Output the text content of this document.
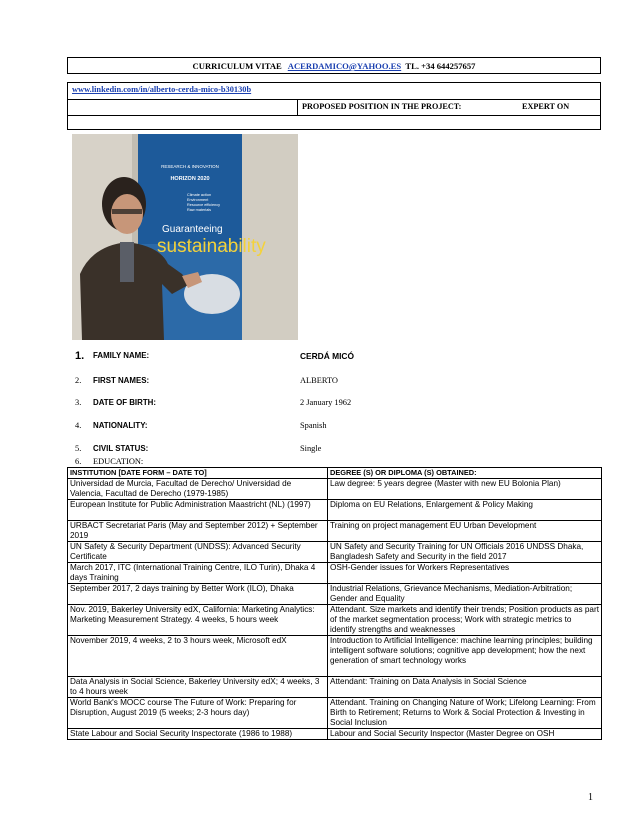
CURRICULUM VITAE ACERDAMICO@YAHOO.ES TL. +34 644257657
www.linkedin.com/in/alberto-cerda-mico-b30130b
PROPOSED POSITION IN THE PROJECT:	EXPERT ON
RESEARCH & INNOVATION
HORIZON 2020
Climate action
Environment
Resource efficiency
Raw materials
Guaranteeing
sustainability
1. FAMILY NAME:	CERDÁ MICÓ
2. FIRST NAMES:	ALBERTO
3. DATE OF BIRTH:	2 January 1962
4. NATIONALITY:	Spanish
5. CIVIL STATUS:	Single
6. EDUCATION:
INSTITUTION [DATE FORM – DATE TO]	DEGREE (S) OR DIPLOMA (S) OBTAINED:
Universidad de Murcia, Facultad de Derecho/ Universidad de Valencia, Facultad de Derecho (1979-1985)	Law degree: 5 years degree (Master with new EU Bolonia Plan)
European Institute for Public Administration Maastricht (NL) (1997)	Diploma on EU Relations, Enlargement & Policy Making
URBACT Secretariat Paris (May and September 2012) + September 2019	Training on project management EU Urban Development
UN Safety & Security Department (UNDSS): Advanced Security Certificate	UN Safety and Security Training for UN Officials 2016 UNDSS Dhaka, Bangladesh Safety and Security in the field 2017
March 2017, ITC (International Training Centre, ILO Turin), Dhaka 4 days Training	OSH-Gender issues for Workers Representatives
September 2017, 2 days training by Better Work (ILO), Dhaka	Industrial Relations, Grievance Mechanisms, Mediation-Arbitration; Gender and Equality
Nov. 2019, Bakerley University edX, California: Marketing Analytics: Marketing Measurement Strategy. 4 weeks, 5 hours week	Attendant. Size markets and identify their trends; Position products as part of the market segmentation process; Work with strategic metrics to identify strengths and weaknesses
November 2019, 4 weeks, 2 to 3 hours week, Microsoft edX	Introduction to Artificial Intelligence: machine learning principles; building intelligent software solutions; cognitive app development; how the next generation of smart technology works
Data Analysis in Social Science, Bakerley University edX; 4 weeks, 3 to 4 hours week	Attendant: Training on Data Analysis in Social Science
World Bank's MOCC course The Future of Work: Preparing for Disruption, August 2019 (5 weeks; 2-3 hours day)	Attendant. Training on Changing Nature of Work; Lifelong Learning: From Birth to Retirement; Returns to Work & Social Protection & Investing in Social Inclusion
State Labour and Social Security Inspectorate (1986 to 1988)	Labour and Social Security Inspector (Master Degree on OSH
1
